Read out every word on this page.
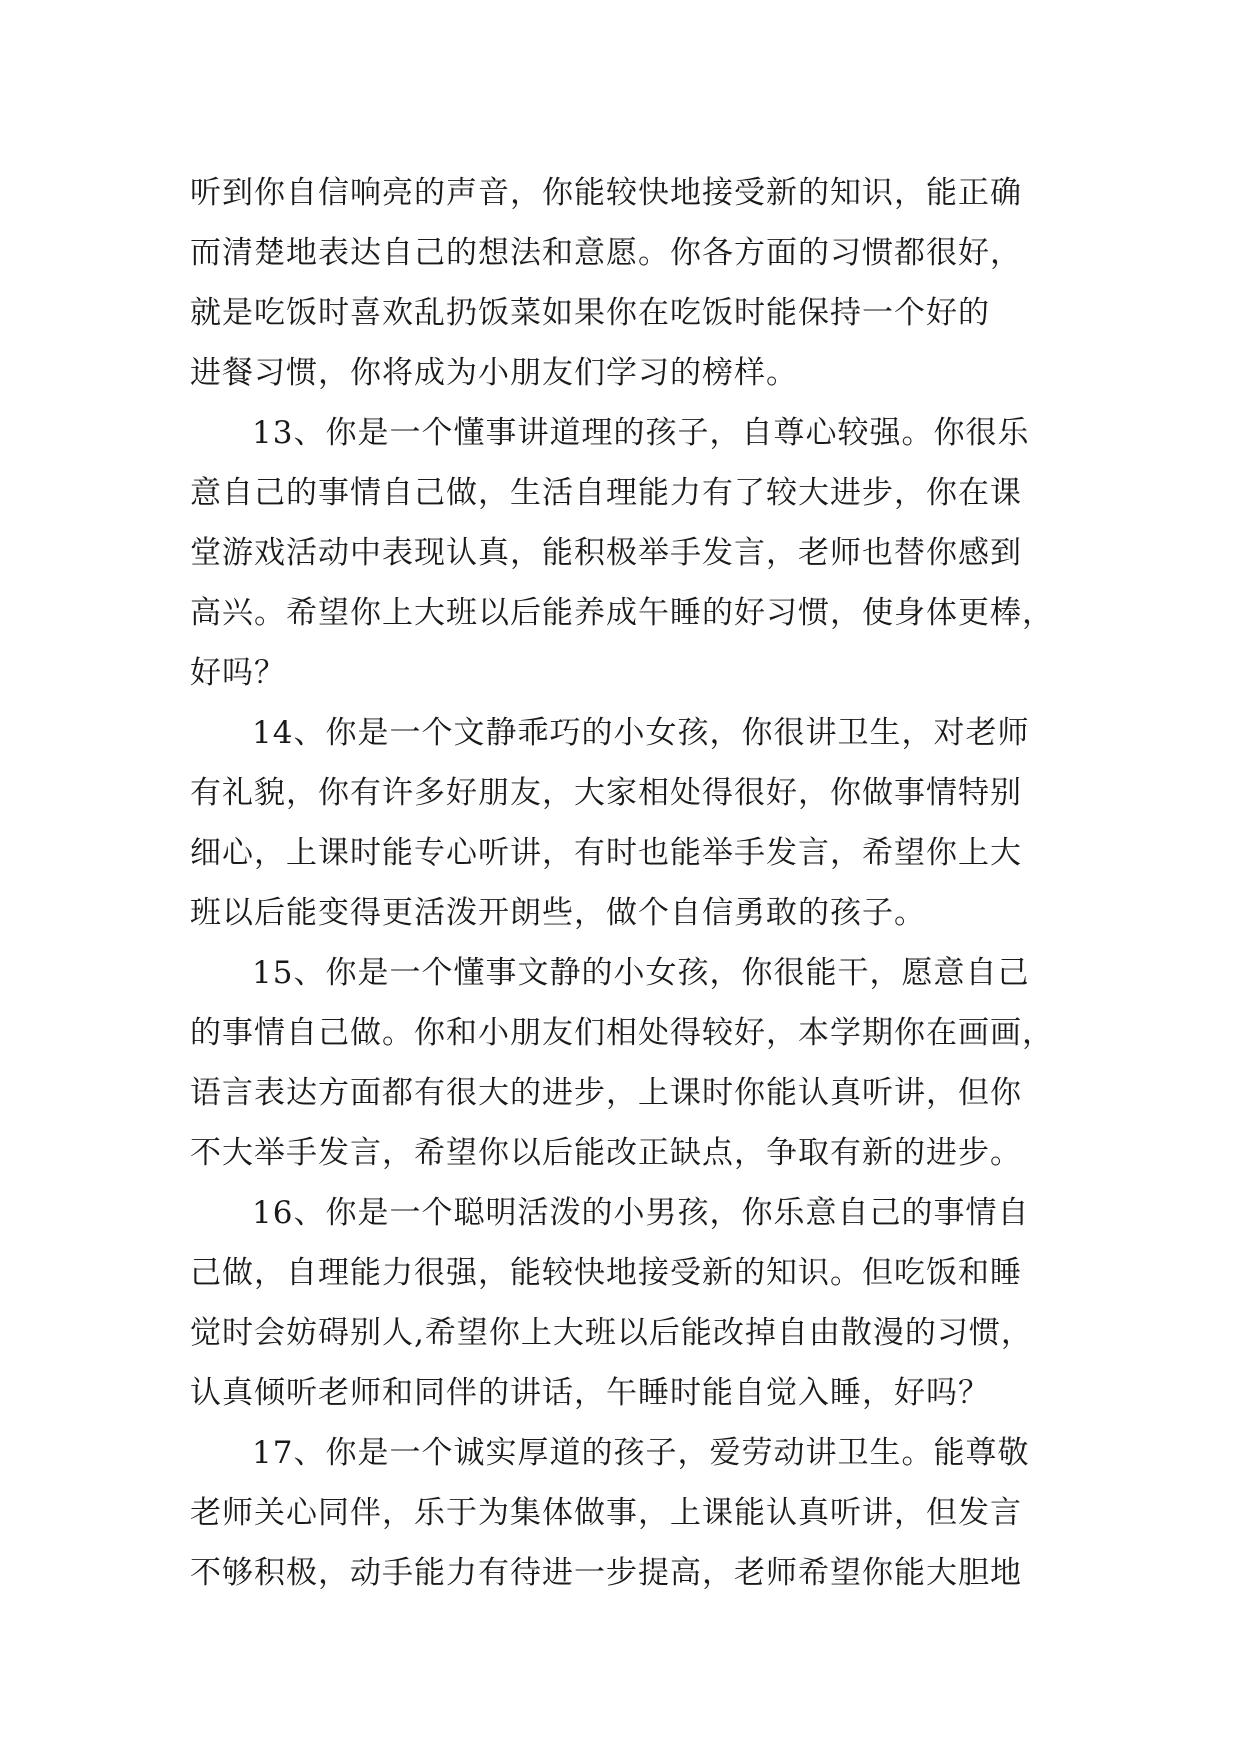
听到你自信响亮的声音，你能较快地接受新的知识，能正确
而清楚地表达自己的想法和意愿。你各方面的习惯都很好，
就是吃饭时喜欢乱扔饭菜如果你在吃饭时能保持一个好的
进餐习惯，你将成为小朋友们学习的榜样。
13、你是一个懂事讲道理的孩子，自尊心较强。你很乐
意自己的事情自己做，生活自理能力有了较大进步，你在课
堂游戏活动中表现认真，能积极举手发言，老师也替你感到
高兴。希望你上大班以后能养成午睡的好习惯，使身体更棒，
好吗？
14、你是一个文静乖巧的小女孩，你很讲卫生，对老师
有礼貌，你有许多好朋友，大家相处得很好，你做事情特别
细心，上课时能专心听讲，有时也能举手发言，希望你上大
班以后能变得更活泼开朗些，做个自信勇敢的孩子。
15、你是一个懂事文静的小女孩，你很能干，愿意自己
的事情自己做。你和小朋友们相处得较好，本学期你在画画，
语言表达方面都有很大的进步，上课时你能认真听讲，但你
不大举手发言，希望你以后能改正缺点，争取有新的进步。
16、你是一个聪明活泼的小男孩，你乐意自己的事情自
己做，自理能力很强，能较快地接受新的知识。但吃饭和睡
觉时会妨碍别人,希望你上大班以后能改掉自由散漫的习惯，
认真倾听老师和同伴的讲话，午睡时能自觉入睡，好吗？
17、你是一个诚实厚道的孩子，爱劳动讲卫生。能尊敬
老师关心同伴，乐于为集体做事，上课能认真听讲，但发言
不够积极，动手能力有待进一步提高，老师希望你能大胆地
